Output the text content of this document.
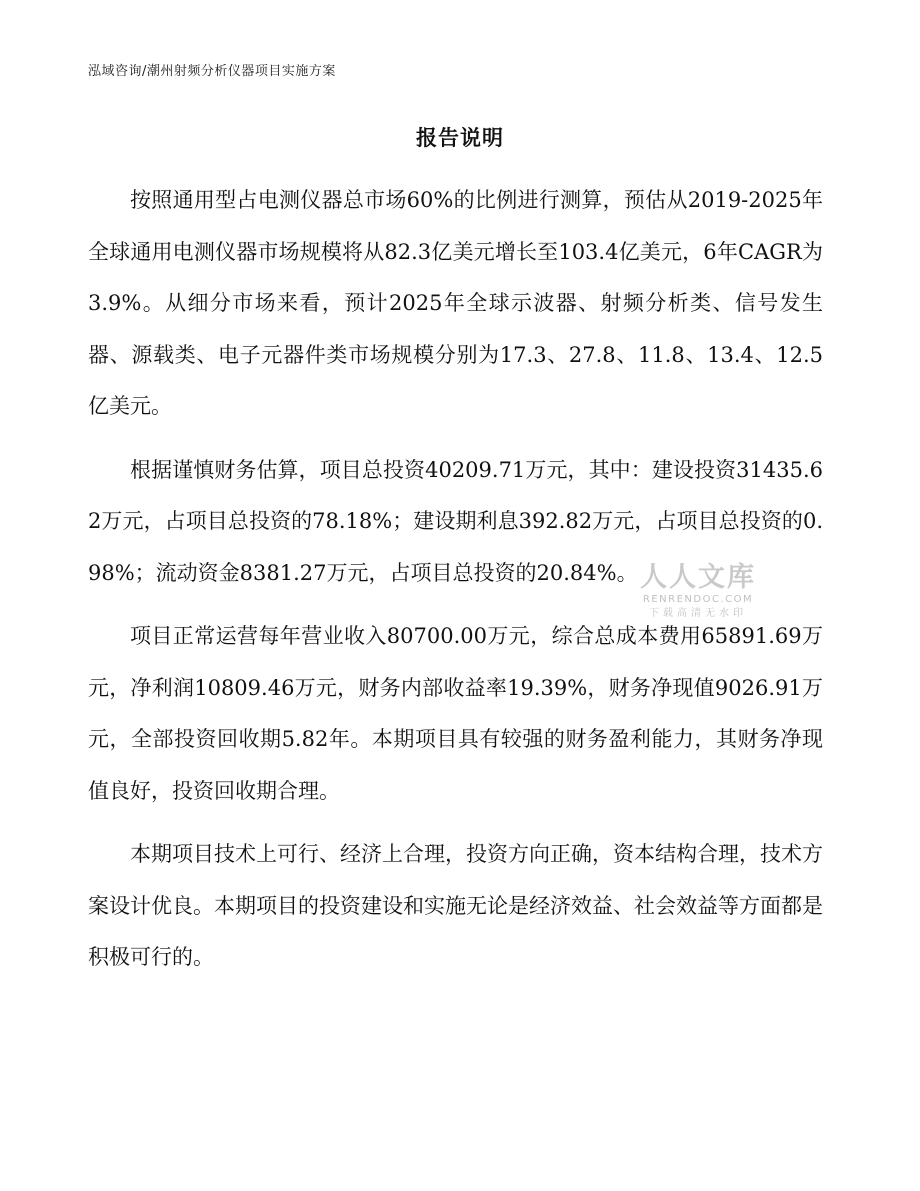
泓域咨询/潮州射频分析仪器项目实施方案
报告说明

按照通用型占电测仪器总市场60%的比例进行测算，预估从2019-2025年全球通用电测仪器市场规模将从82.3亿美元增长至103.4亿美元，6年CAGR为3.9%。从细分市场来看，预计2025年全球示波器、射频分析类、信号发生器、源载类、电子元器件类市场规模分别为17.3、27.8、11.8、13.4、12.5亿美元。

根据谨慎财务估算，项目总投资40209.71万元，其中：建设投资31435.62万元，占项目总投资的78.18%；建设期利息392.82万元，占项目总投资的0.98%；流动资金8381.27万元，占项目总投资的20.84%。

项目正常运营每年营业收入80700.00万元，综合总成本费用65891.69万元，净利润10809.46万元，财务内部收益率19.39%，财务净现值9026.91万元，全部投资回收期5.82年。本期项目具有较强的财务盈利能力，其财务净现值良好，投资回收期合理。

本期项目技术上可行、经济上合理，投资方向正确，资本结构合理，技术方案设计优良。本期项目的投资建设和实施无论是经济效益、社会效益等方面都是积极可行的。

人人文库
RENRENDOC.COM
下载高清无水印
